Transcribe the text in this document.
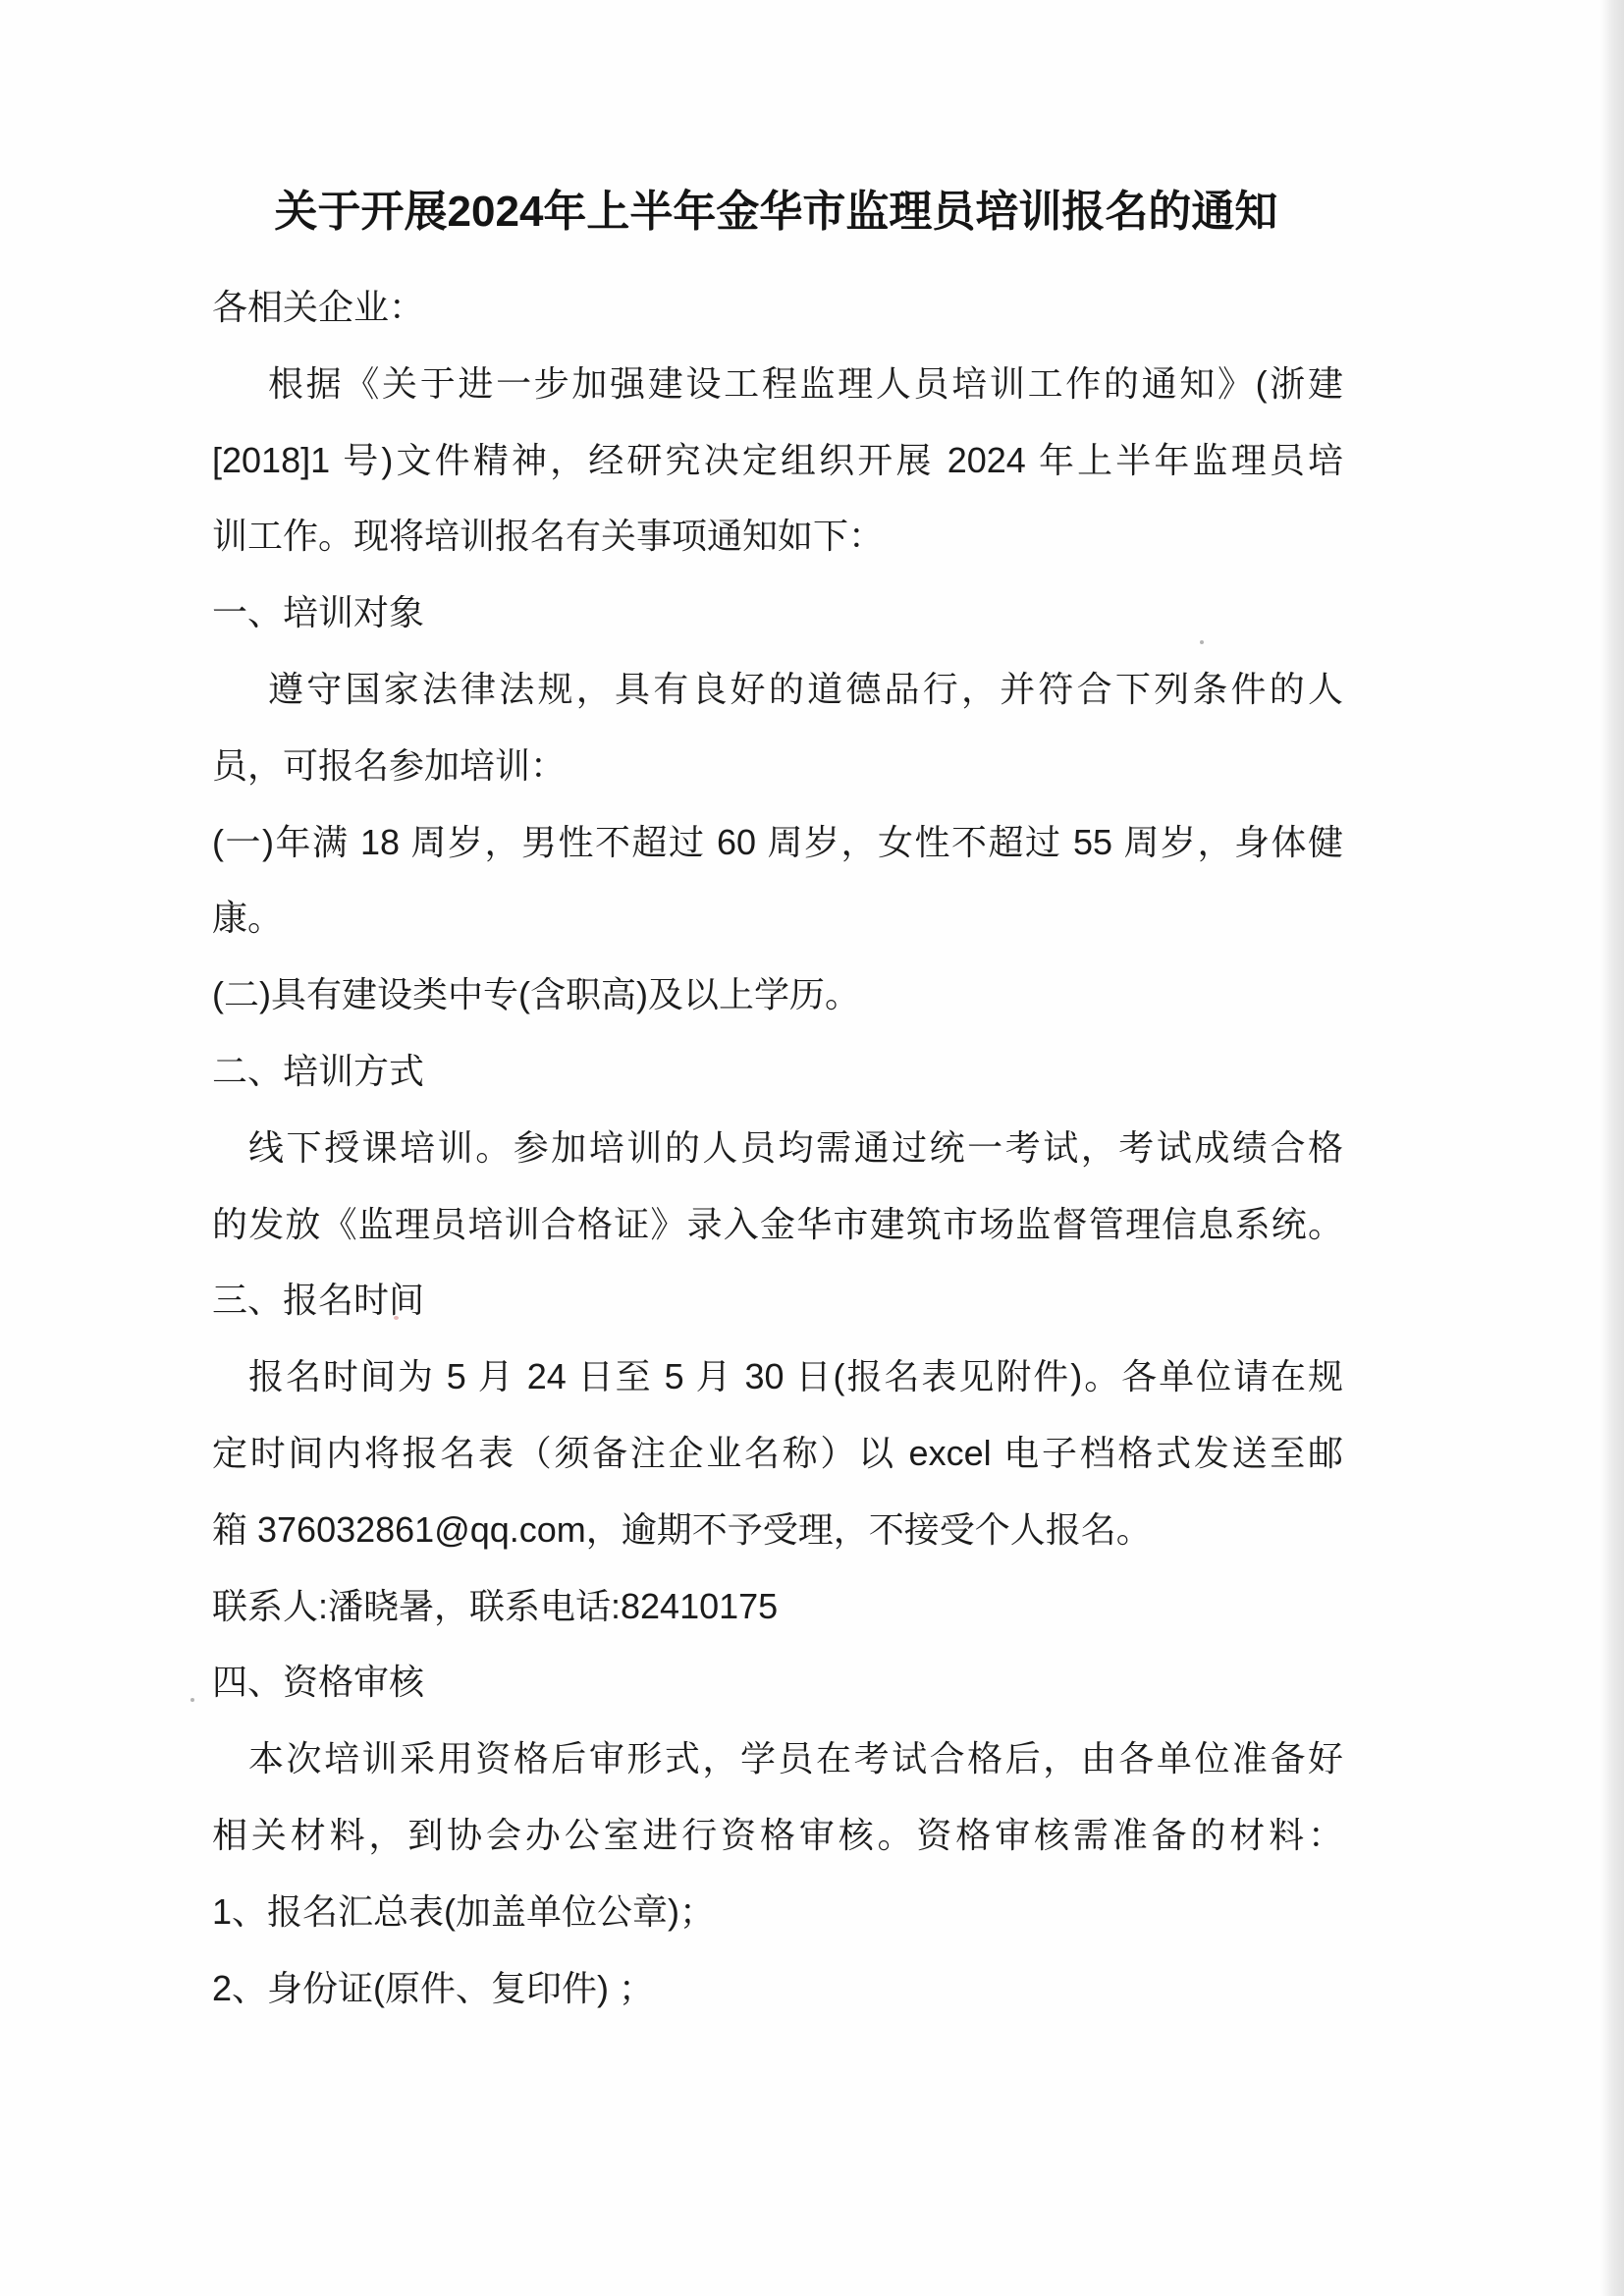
关于开展2024年上半年金华市监理员培训报名的通知
各相关企业：
根据《关于进一步加强建设工程监理人员培训工作的通知》(浙建
[2018]1 号)文件精神，经研究决定组织开展 2024 年上半年监理员培
训工作。现将培训报名有关事项通知如下：
一、培训对象
遵守国家法律法规，具有良好的道德品行，并符合下列条件的人
员，可报名参加培训：
(一)年满 18 周岁，男性不超过 60 周岁，女性不超过 55 周岁，身体健
康。
(二)具有建设类中专(含职高)及以上学历。
二、培训方式
线下授课培训。参加培训的人员均需通过统一考试，考试成绩合格
的发放《监理员培训合格证》录入金华市建筑市场监督管理信息系统。
三、报名时间
报名时间为 5 月 24 日至 5 月 30 日(报名表见附件)。各单位请在规
定时间内将报名表（须备注企业名称）以 excel 电子档格式发送至邮
箱 376032861@qq.com，逾期不予受理，不接受个人报名。
联系人:潘晓暑，联系电话:82410175
四、资格审核
本次培训采用资格后审形式，学员在考试合格后，由各单位准备好
相关材料，到协会办公室进行资格审核。资格审核需准备的材料：
1、报名汇总表(加盖单位公章)；
2、身份证(原件、复印件) ；
